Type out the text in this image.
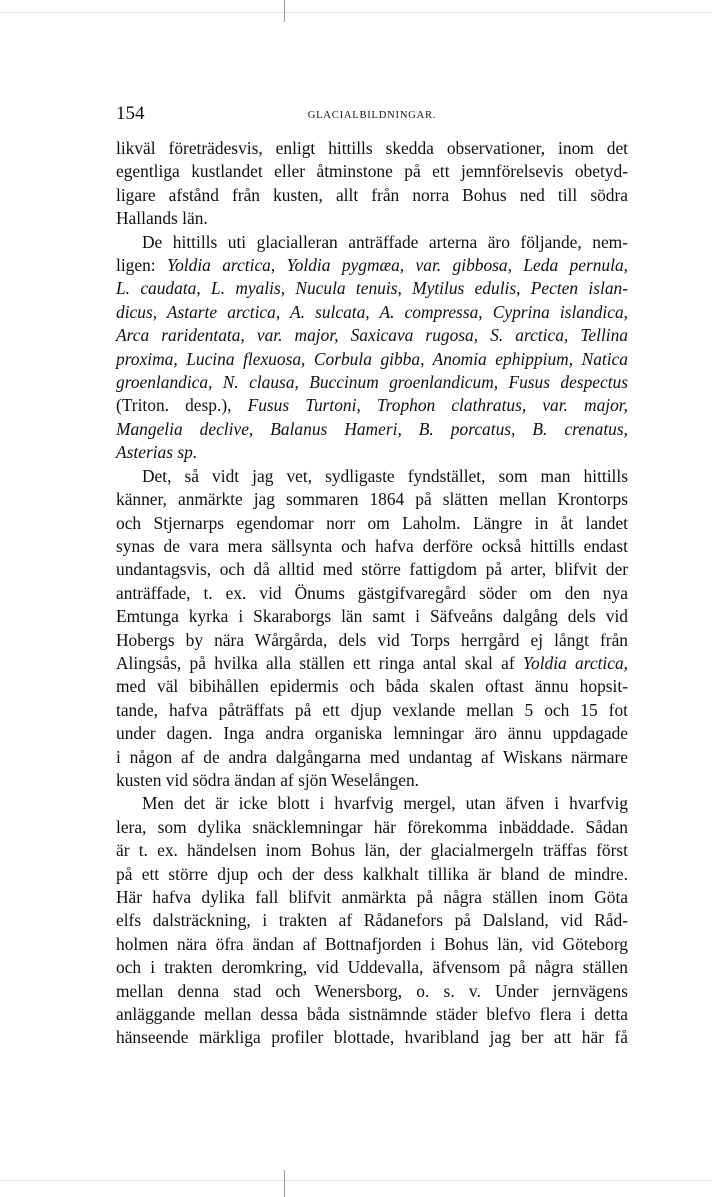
154	GLACIALBILDNINGAR.

likväl företrädesvis, enligt hittills skedda observationer, inom det
egentliga kustlandet eller åtminstone på ett jemnförelsevis obetyd-
ligare afstånd från kusten, allt från norra Bohus ned till södra
Hallands län.

De hittills uti glacialleran anträffade arterna äro följande, nem-
ligen: Yoldia arctica, Yoldia pygmæa, var. gibbosa, Leda pernula,
L. caudata, L. myalis, Nucula tenuis, Mytilus edulis, Pecten islan-
dicus, Astarte arctica, A. sulcata, A. compressa, Cyprina islandica,
Arca raridentata, var. major, Saxicava rugosa, S. arctica, Tellina
proxima, Lucina flexuosa, Corbula gibba, Anomia ephippium, Natica
groenlandica, N. clausa, Buccinum groenlandicum, Fusus despectus
(Triton. desp.), Fusus Turtoni, Trophon clathratus, var. major,
Mangelia declive, Balanus Hameri, B. porcatus, B. crenatus,
Asterias sp.

Det, så vidt jag vet, sydligaste fyndstället, som man hittills
känner, anmärkte jag sommaren 1864 på slätten mellan Krontorps
och Stjernarps egendomar norr om Laholm. Längre in åt landet
synas de vara mera sällsynta och hafva derföre också hittills endast
undantagsvis, och då alltid med större fattigdom på arter, blifvit der
anträffade, t. ex. vid Önums gästgifvaregård söder om den nya
Emtunga kyrka i Skaraborgs län samt i Säfveåns dalgång dels vid
Hobergs by nära Wårgårda, dels vid Torps herrgård ej långt från
Alingsås, på hvilka alla ställen ett ringa antal skal af Yoldia arctica,
med väl bibihållen epidermis och båda skalen oftast ännu hopsit-
tande, hafva påträffats på ett djup vexlande mellan 5 och 15 fot
under dagen. Inga andra organiska lemningar äro ännu uppdagade
i någon af de andra dalgångarna med undantag af Wiskans närmare
kusten vid södra ändan af sjön Weselången.

Men det är icke blott i hvarfvig mergel, utan äfven i hvarfvig
lera, som dylika snäcklemningar här förekomma inbäddade. Sådan
är t. ex. händelsen inom Bohus län, der glacialmergeln träffas först
på ett större djup och der dess kalkhalt tillika är bland de mindre.
Här hafva dylika fall blifvit anmärkta på några ställen inom Göta
elfs dalsträckning, i trakten af Rådanefors på Dalsland, vid Råd-
holmen nära öfra ändan af Bottnafjorden i Bohus län, vid Göteborg
och i trakten deromkring, vid Uddevalla, äfvensom på några ställen
mellan denna stad och Wenersborg, o. s. v. Under jernvägens
anläggande mellan dessa båda sistnämnde städer blefvo flera i detta
hänseende märkliga profiler blottade, hvaribland jag ber att här få
